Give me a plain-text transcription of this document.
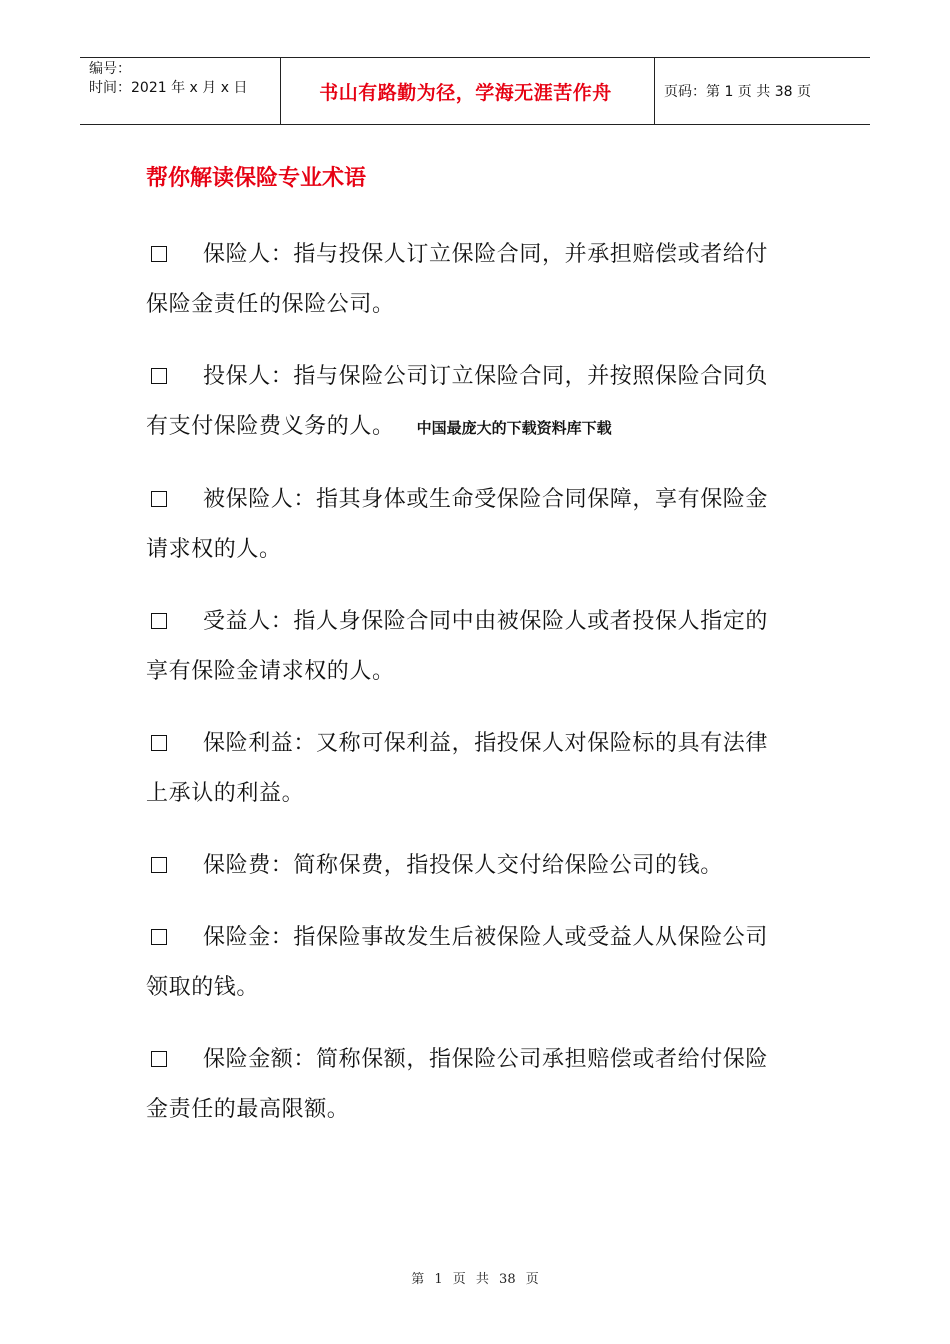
编号：
时间：2021 年 x 月 x 日	书山有路勤为径，学海无涯苦作舟	页码：第 1 页 共 38 页
帮你解读保险专业术语

保险人：指与投保人订立保险合同，并承担赔偿或者给付保险金责任的保险公司。

投保人：指与保险公司订立保险合同，并按照保险合同负有支付保险费义务的人。 中国最庞大的下载资料库下载

被保险人：指其身体或生命受保险合同保障，享有保险金请求权的人。

受益人：指人身保险合同中由被保险人或者投保人指定的享有保险金请求权的人。

保险利益：又称可保利益，指投保人对保险标的具有法律上承认的利益。

保险费：简称保费，指投保人交付给保险公司的钱。

保险金：指保险事故发生后被保险人或受益人从保险公司领取的钱。

保险金额：简称保额，指保险公司承担赔偿或者给付保险金责任的最高限额。

第 1 页 共 38 页
